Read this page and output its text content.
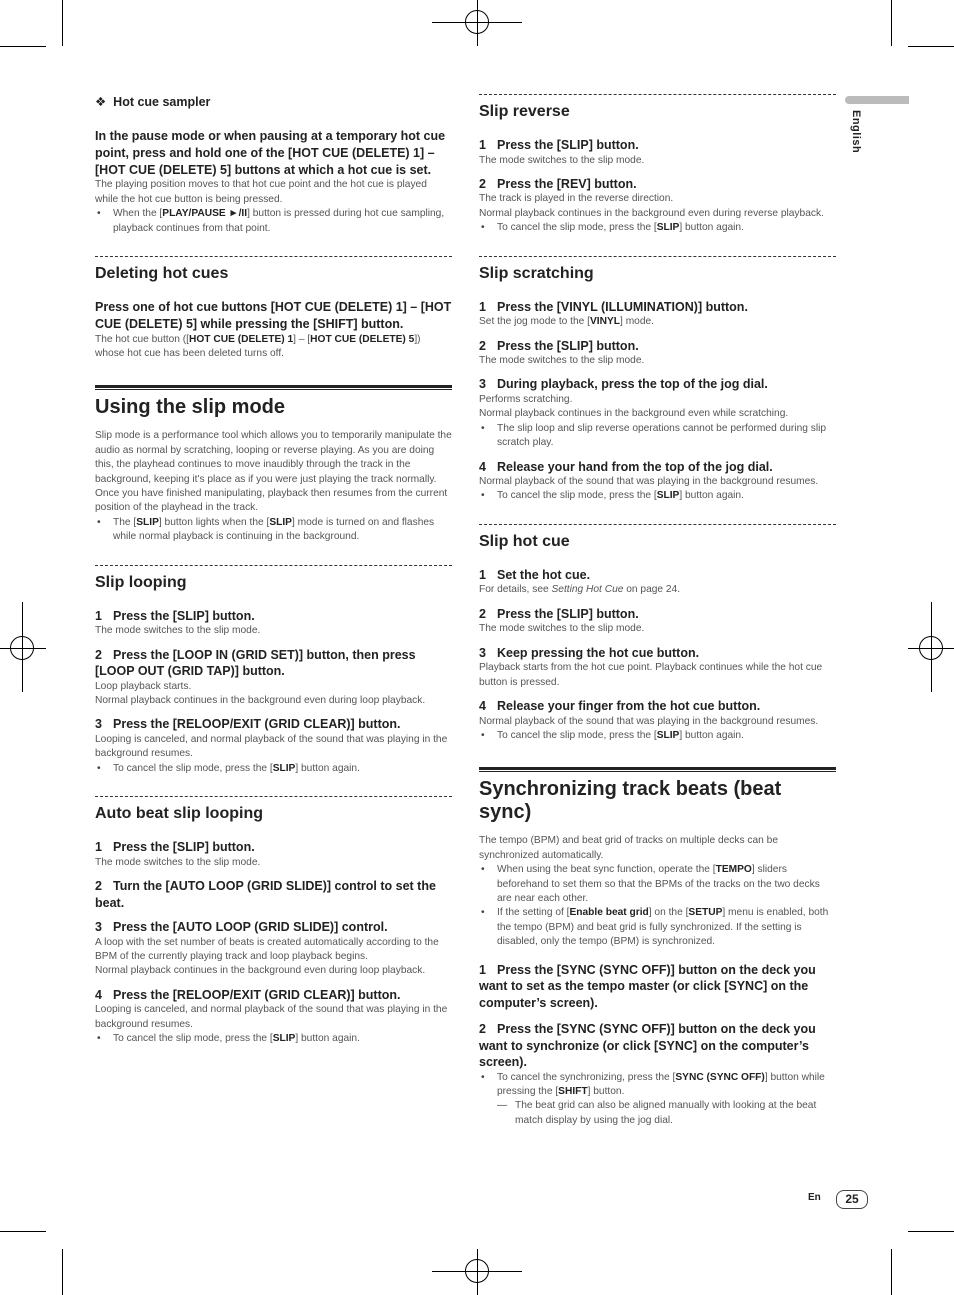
English
❖ Hot cue sampler
In the pause mode or when pausing at a temporary hot cue point, press and hold one of the [HOT CUE (DELETE) 1] – [HOT CUE (DELETE) 5] buttons at which a hot cue is set.
The playing position moves to that hot cue point and the hot cue is played while the hot cue button is being pressed.
• When the [PLAY/PAUSE ►/II] button is pressed during hot cue sampling, playback continues from that point.
Deleting hot cues
Press one of hot cue buttons [HOT CUE (DELETE) 1] – [HOT CUE (DELETE) 5] while pressing the [SHIFT] button.
The hot cue button ([HOT CUE (DELETE) 1] – [HOT CUE (DELETE) 5]) whose hot cue has been deleted turns off.
Using the slip mode
Slip mode is a performance tool which allows you to temporarily manipulate the audio as normal by scratching, looping or reverse playing. As you are doing this, the playhead continues to move inaudibly through the track in the background, keeping it's place as if you were just playing the track normally. Once you have finished manipulating, playback then resumes from the current position of the playhead in the track.
• The [SLIP] button lights when the [SLIP] mode is turned on and flashes while normal playback is continuing in the background.
Slip looping
1 Press the [SLIP] button.
The mode switches to the slip mode.
2 Press the [LOOP IN (GRID SET)] button, then press [LOOP OUT (GRID TAP)] button.
Loop playback starts.
Normal playback continues in the background even during loop playback.
3 Press the [RELOOP/EXIT (GRID CLEAR)] button.
Looping is canceled, and normal playback of the sound that was playing in the background resumes.
• To cancel the slip mode, press the [SLIP] button again.
Auto beat slip looping
1 Press the [SLIP] button.
The mode switches to the slip mode.
2 Turn the [AUTO LOOP (GRID SLIDE)] control to set the beat.
3 Press the [AUTO LOOP (GRID SLIDE)] control.
A loop with the set number of beats is created automatically according to the BPM of the currently playing track and loop playback begins.
Normal playback continues in the background even during loop playback.
4 Press the [RELOOP/EXIT (GRID CLEAR)] button.
Looping is canceled, and normal playback of the sound that was playing in the background resumes.
• To cancel the slip mode, press the [SLIP] button again.
Slip reverse
1 Press the [SLIP] button.
The mode switches to the slip mode.
2 Press the [REV] button.
The track is played in the reverse direction.
Normal playback continues in the background even during reverse playback.
• To cancel the slip mode, press the [SLIP] button again.
Slip scratching
1 Press the [VINYL (ILLUMINATION)] button.
Set the jog mode to the [VINYL] mode.
2 Press the [SLIP] button.
The mode switches to the slip mode.
3 During playback, press the top of the jog dial.
Performs scratching.
Normal playback continues in the background even while scratching.
• The slip loop and slip reverse operations cannot be performed during slip scratch play.
4 Release your hand from the top of the jog dial.
Normal playback of the sound that was playing in the background resumes.
• To cancel the slip mode, press the [SLIP] button again.
Slip hot cue
1 Set the hot cue.
For details, see Setting Hot Cue on page 24.
2 Press the [SLIP] button.
The mode switches to the slip mode.
3 Keep pressing the hot cue button.
Playback starts from the hot cue point. Playback continues while the hot cue button is pressed.
4 Release your finger from the hot cue button.
Normal playback of the sound that was playing in the background resumes.
• To cancel the slip mode, press the [SLIP] button again.
Synchronizing track beats (beat sync)
The tempo (BPM) and beat grid of tracks on multiple decks can be synchronized automatically.
• When using the beat sync function, operate the [TEMPO] sliders beforehand to set them so that the BPMs of the tracks on the two decks are near each other.
• If the setting of [Enable beat grid] on the [SETUP] menu is enabled, both the tempo (BPM) and beat grid is fully synchronized. If the setting is disabled, only the tempo (BPM) is synchronized.
1 Press the [SYNC (SYNC OFF)] button on the deck you want to set as the tempo master (or click [SYNC] on the computer’s screen).
2 Press the [SYNC (SYNC OFF)] button on the deck you want to synchronize (or click [SYNC] on the computer’s screen).
• To cancel the synchronizing, press the [SYNC (SYNC OFF)] button while pressing the [SHIFT] button.
— The beat grid can also be aligned manually with looking at the beat match display by using the jog dial.
En	25
